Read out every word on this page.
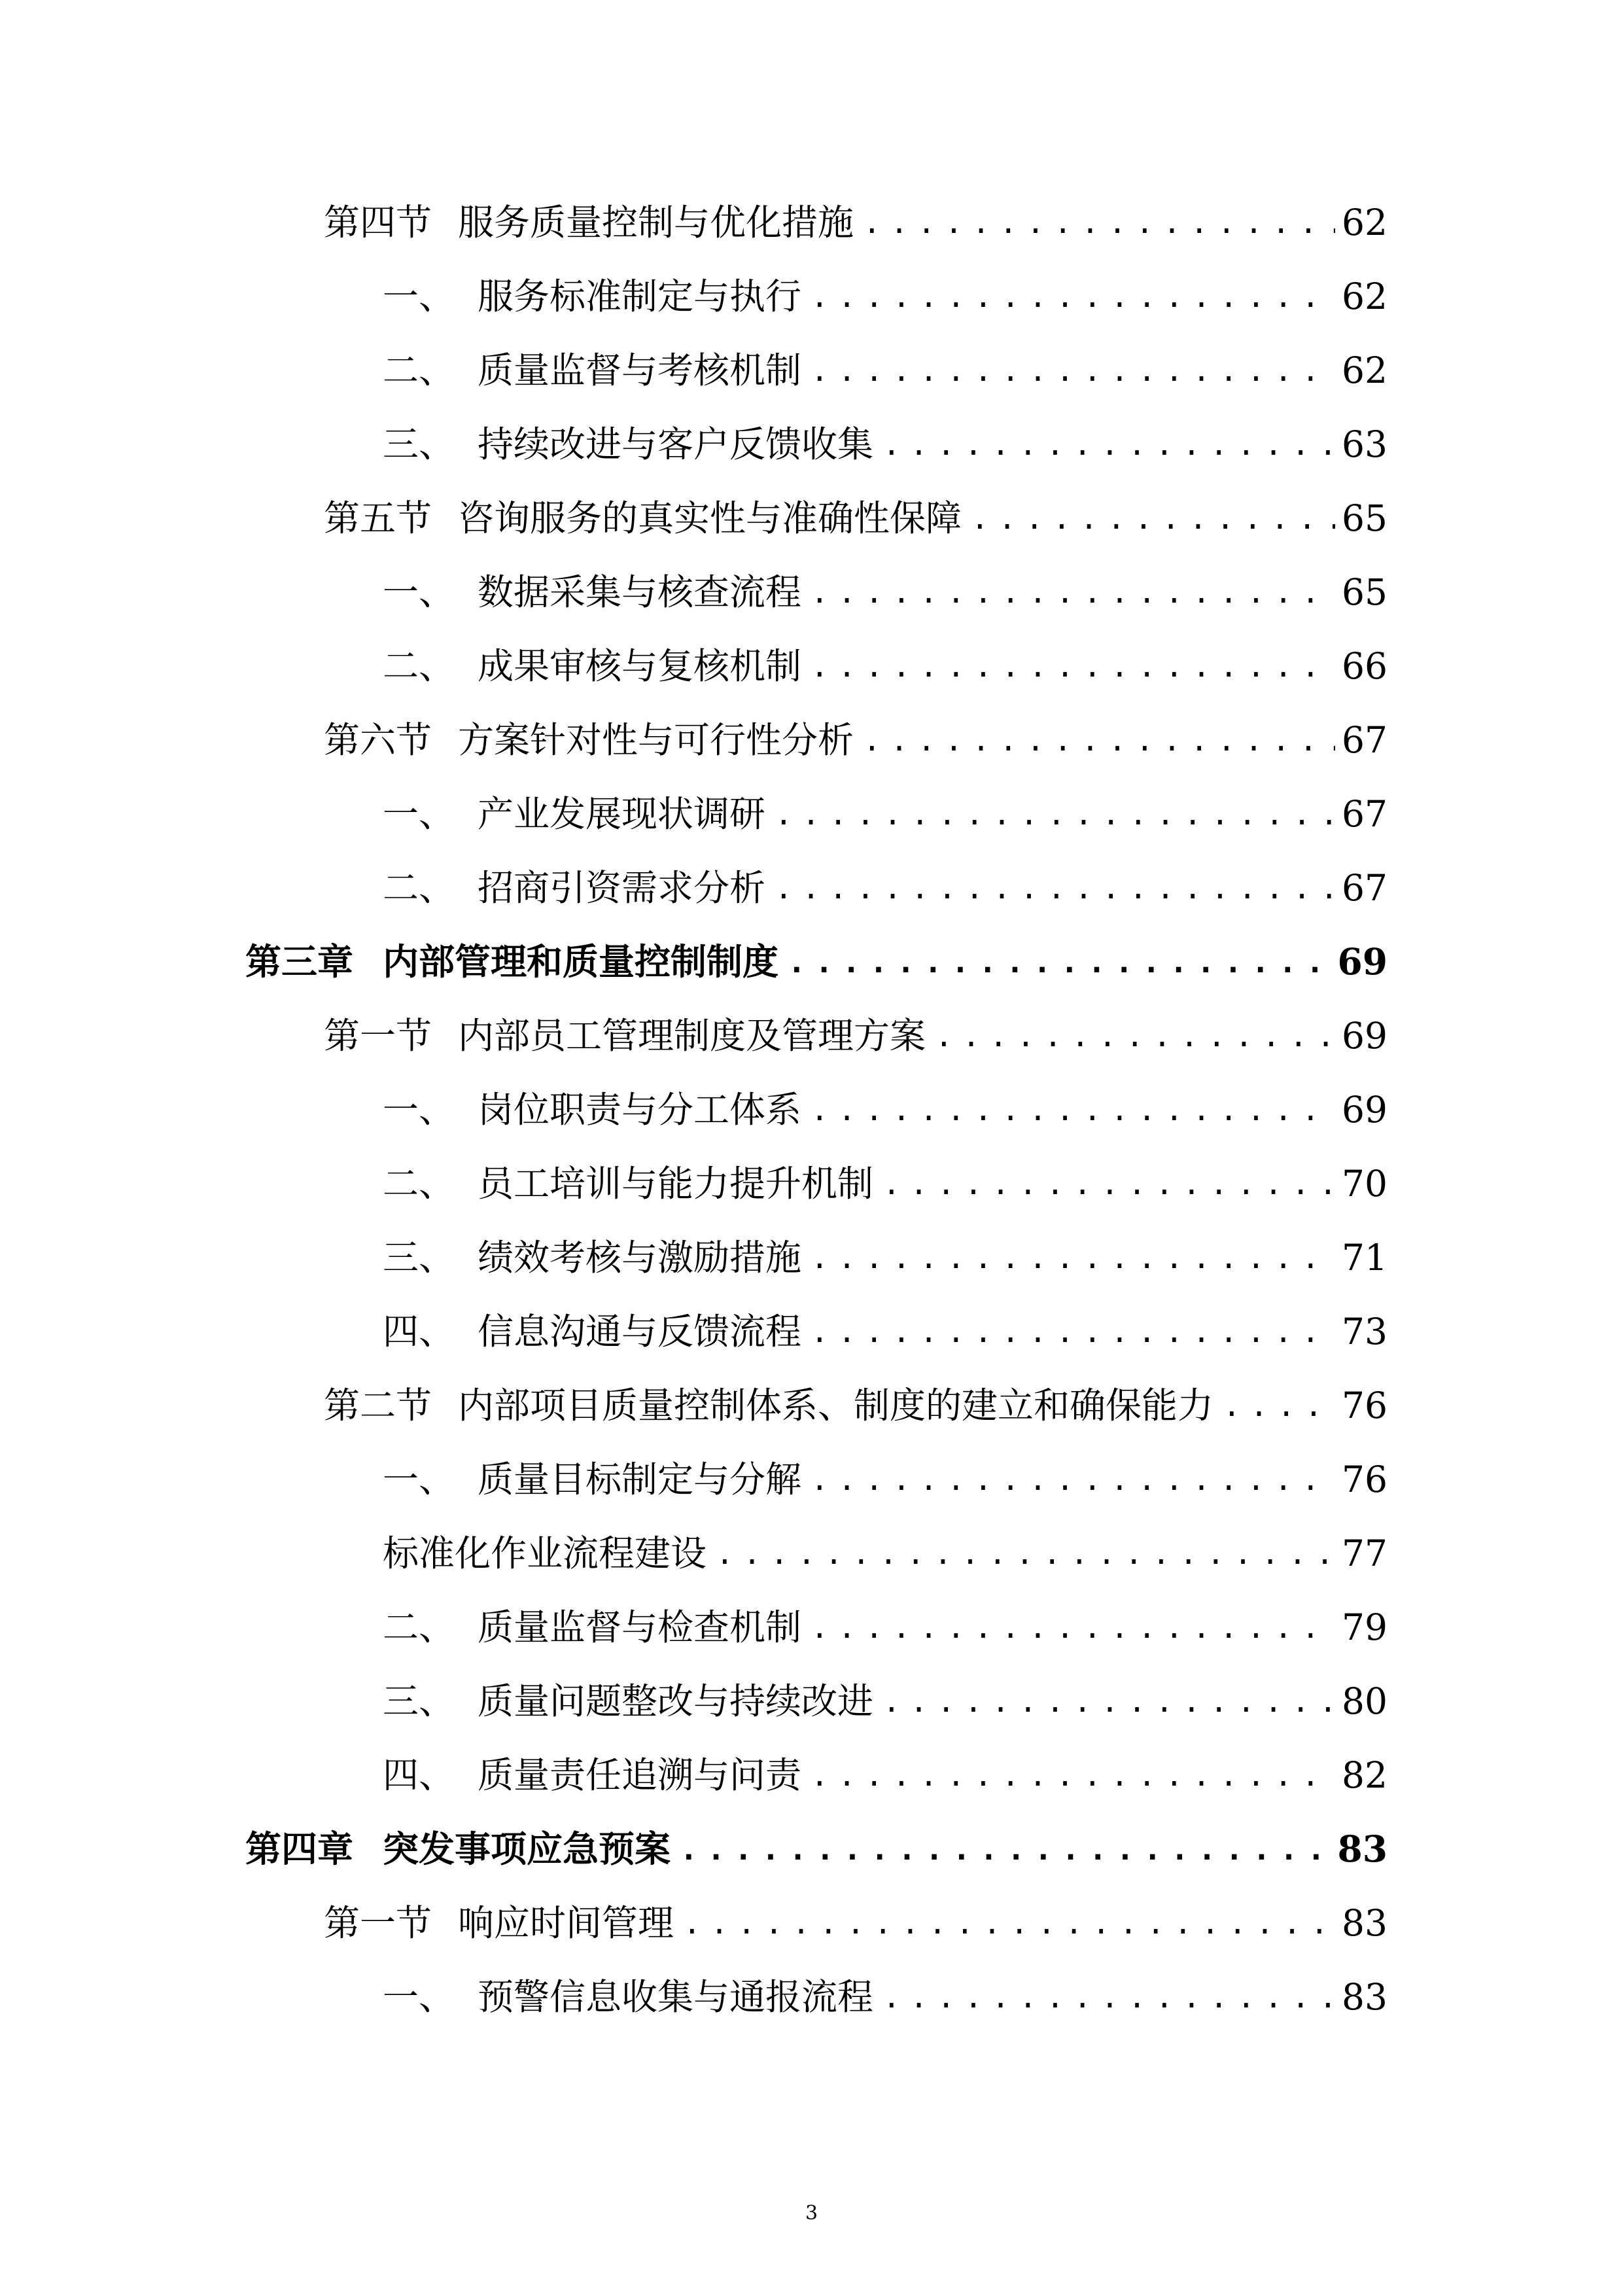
第四节 服务质量控制与优化措施 .....	62
一、 服务标准制定与执行 .....	62
二、 质量监督与考核机制 .....	62
三、 持续改进与客户反馈收集 .....	63
第五节 咨询服务的真实性与准确性保障 .....	65
一、 数据采集与核查流程 .....	65
二、 成果审核与复核机制 .....	66
第六节 方案针对性与可行性分析 .....	67
一、 产业发展现状调研 .....	67
二、 招商引资需求分析 .....	67
第三章 内部管理和质量控制制度 .....	69
第一节 内部员工管理制度及管理方案 .....	69
一、 岗位职责与分工体系 .....	69
二、 员工培训与能力提升机制 .....	70
三、 绩效考核与激励措施 .....	71
四、 信息沟通与反馈流程 .....	73
第二节 内部项目质量控制体系、制度的建立和确保能力 .....	76
一、 质量目标制定与分解 .....	76
标准化作业流程建设 .....	77
二、 质量监督与检查机制 .....	79
三、 质量问题整改与持续改进 .....	80
四、 质量责任追溯与问责 .....	82
第四章 突发事项应急预案 .....	83
第一节 响应时间管理 .....	83
一、 预警信息收集与通报流程 .....	83
3
